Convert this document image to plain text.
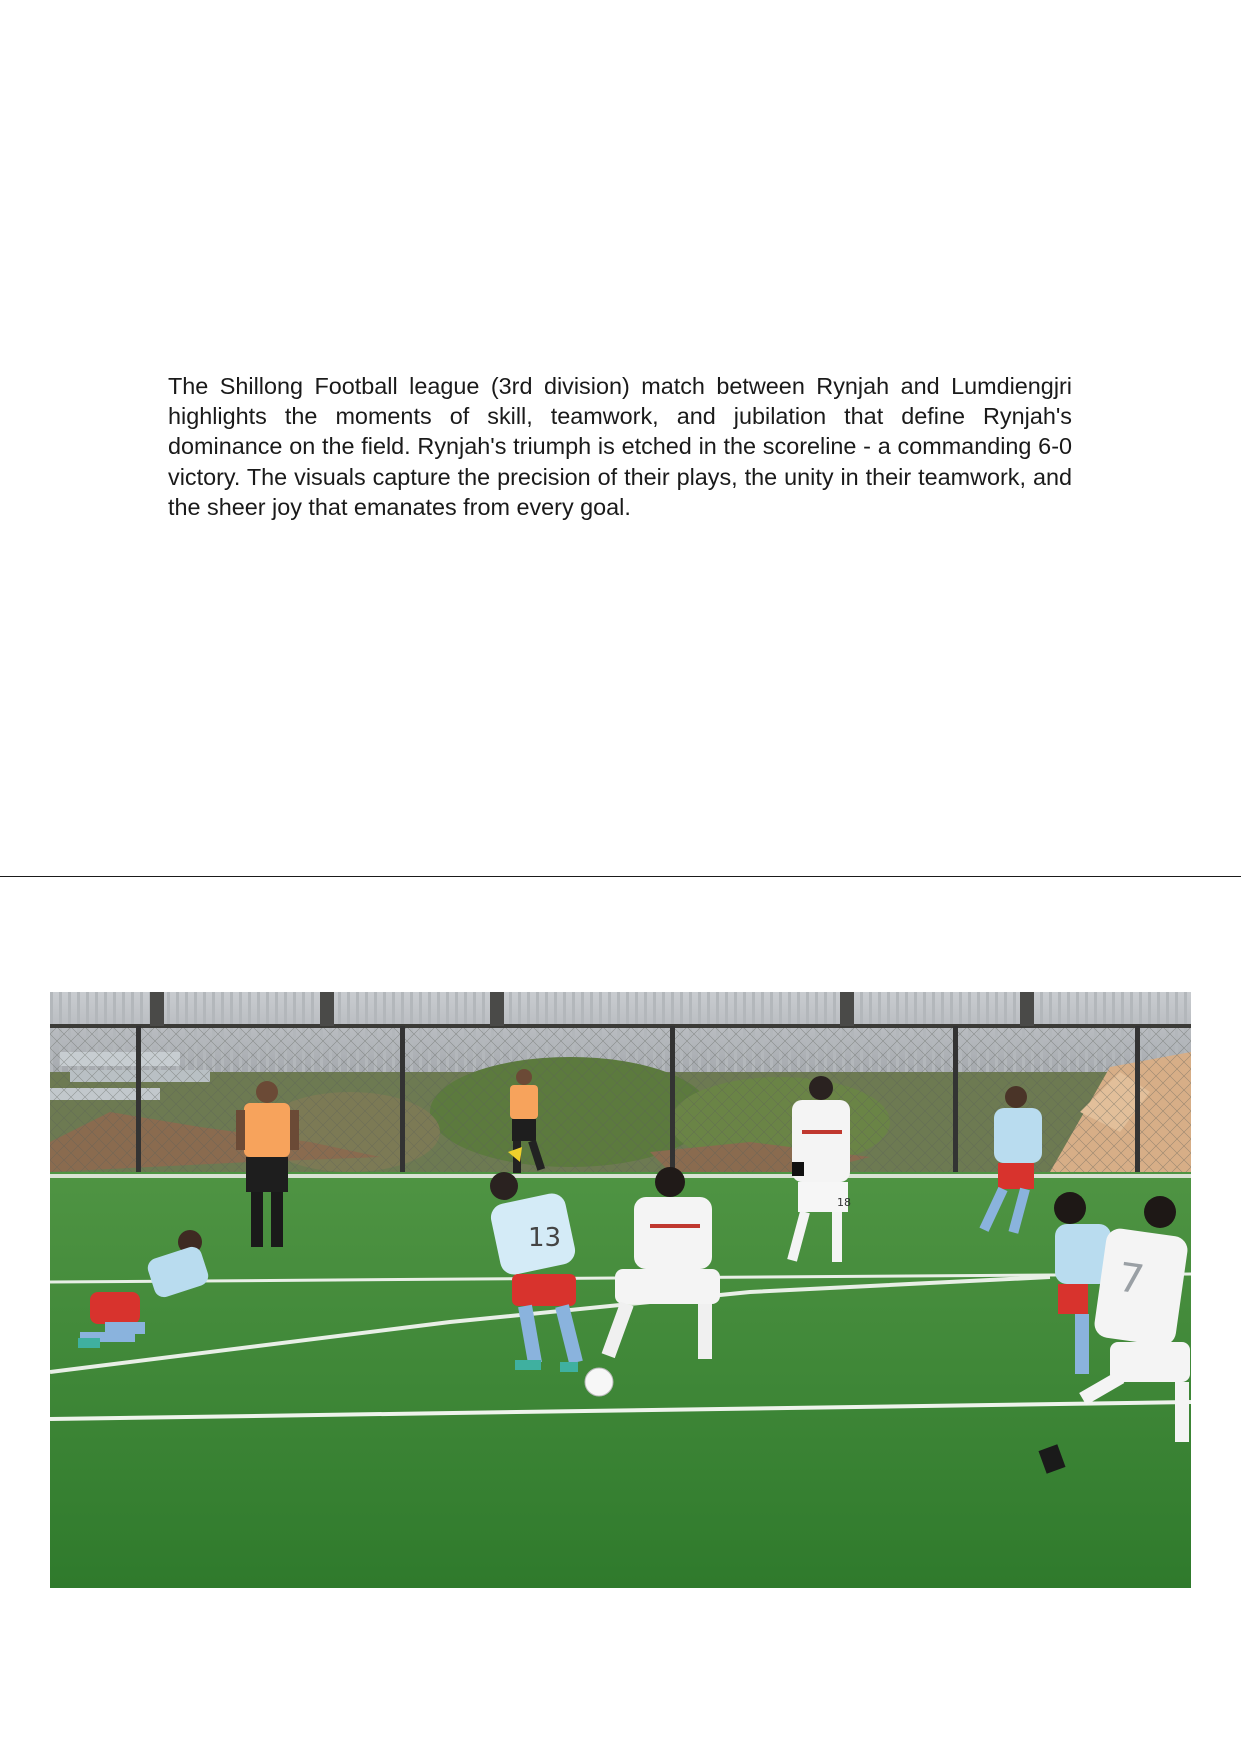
The Shillong Football league (3rd division) match between Rynjah and Lumdiengjri highlights the moments of skill, teamwork, and jubilation that define Rynjah's dominance on the field. Rynjah's triumph is etched in the scoreline - a commanding 6-0 victory. The visuals capture the precision of their plays, the unity in their teamwork, and the sheer joy that emanates from every goal.

13
18
7
